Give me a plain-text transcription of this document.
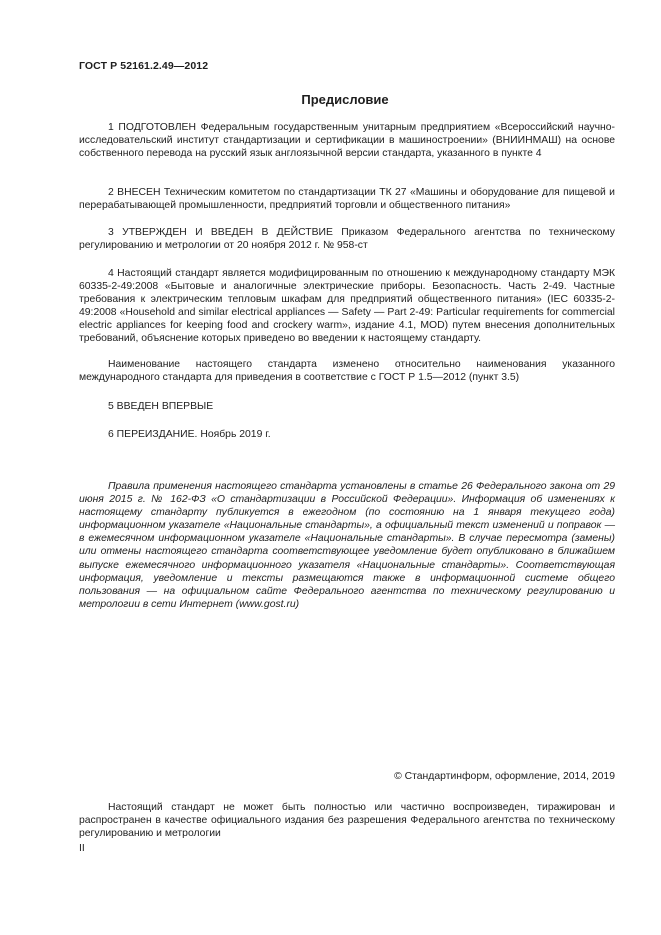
ГОСТ Р 52161.2.49—2012
Предисловие
1 ПОДГОТОВЛЕН Федеральным государственным унитарным предприятием «Всероссийский научно-исследовательский институт стандартизации и сертификации в машиностроении» (ВНИИНМАШ) на основе собственного перевода на русский язык англоязычной версии стандарта, указанного в пункте 4
2 ВНЕСЕН Техническим комитетом по стандартизации ТК 27 «Машины и оборудование для пищевой и перерабатывающей промышленности, предприятий торговли и общественного питания»
3 УТВЕРЖДЕН И ВВЕДЕН В ДЕЙСТВИЕ Приказом Федерального агентства по техническому регулированию и метрологии от 20 ноября 2012 г. № 958-ст
4 Настоящий стандарт является модифицированным по отношению к международному стандарту МЭК 60335-2-49:2008 «Бытовые и аналогичные электрические приборы. Безопасность. Часть 2-49. Частные требования к электрическим тепловым шкафам для предприятий общественного питания» (IEC 60335-2-49:2008 «Household and similar electrical appliances — Safety — Part 2-49: Particular requirements for commercial electric appliances for keeping food and crockery warm», издание 4.1, MOD) путем внесения дополнительных требований, объяснение которых приведено во введении к настоящему стандарту.
Наименование настоящего стандарта изменено относительно наименования указанного международного стандарта для приведения в соответствие с ГОСТ Р 1.5—2012 (пункт 3.5)
5 ВВЕДЕН ВПЕРВЫЕ
6 ПЕРЕИЗДАНИЕ. Ноябрь 2019 г.
Правила применения настоящего стандарта установлены в статье 26 Федерального закона от 29 июня 2015 г. № 162-ФЗ «О стандартизации в Российской Федерации». Информация об изменениях к настоящему стандарту публикуется в ежегодном (по состоянию на 1 января текущего года) информационном указателе «Национальные стандарты», а официальный текст изменений и поправок — в ежемесячном информационном указателе «Национальные стандарты». В случае пересмотра (замены) или отмены настоящего стандарта соответствующее уведомление будет опубликовано в ближайшем выпуске ежемесячного информационного указателя «Национальные стандарты». Соответствующая информация, уведомление и тексты размещаются также в информационной системе общего пользования — на официальном сайте Федерального агентства по техническому регулированию и метрологии в сети Интернет (www.gost.ru)
© Стандартинформ, оформление, 2014, 2019
Настоящий стандарт не может быть полностью или частично воспроизведен, тиражирован и распространен в качестве официального издания без разрешения Федерального агентства по техническому регулированию и метрологии
II
